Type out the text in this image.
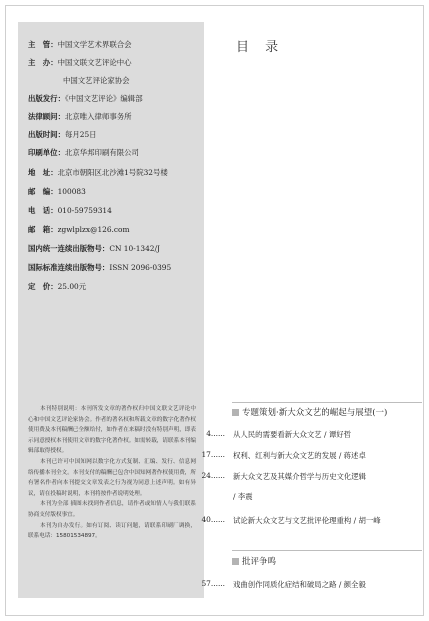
主　管：中国文学艺术界联合会
主　办：中国文联文艺评论中心
中国文艺评论家协会
出版发行：《中国文艺评论》编辑部
法律顾问：北京唯入律师事务所
出版时间：每月25日
印刷单位：北京华邦印刷有限公司
地　址：北京市朝阳区北沙滩1号院32号楼
邮　编：100083
电　话：010-59759314
邮　箱：zgwlplzx@126.com
国内统一连续出版物号：CN 10-1342/J
国际标准连续出版物号：ISSN 2096-0395
定　价：25.00元

本刊特别说明：本刊所发文章的著作权归中国文联文艺评论中心和中国文艺评论家协会。作者的著名权和所载文章的数字化著作权使用费及本刊稿酬已全额给付，如作者在来稿时没有特别声明，即表示同意授权本刊使用文章的数字化著作权。如需转载，请联系本刊编辑部取得授权。

本刊已许可中国知网以数字化方式复制、汇编、发行、信息网络传播本刊全文。本刊支付的稿酬已包含中国知网著作权使用费，所有署名作者向本刊提交文章发表之行为视为同意上述声明。如有异议，请在投稿时说明，本刊将按作者说明处理。

本刊为全部 插图未找到作者信息，请作者或知情人与我们联系协商支付版权事宜。

本刊为自办发行。如有订阅、读订问题，请联系印刷厂调换，联系电话：15801534897。

目 录
专题策划·新大众文艺的崛起与展望(一)
4...... 从人民的需要看新大众文艺 / 谭好哲
17...... 权利、红利与新大众文艺的发展 / 蒋述卓
24...... 新大众文艺及其媒介哲学与历史文化逻辑
/ 李震
40...... 试论新大众文艺与文艺批评伦理重构 / 胡一峰
批评争鸣
57...... 戏曲创作同质化症结和破局之路 / 颜全毅
